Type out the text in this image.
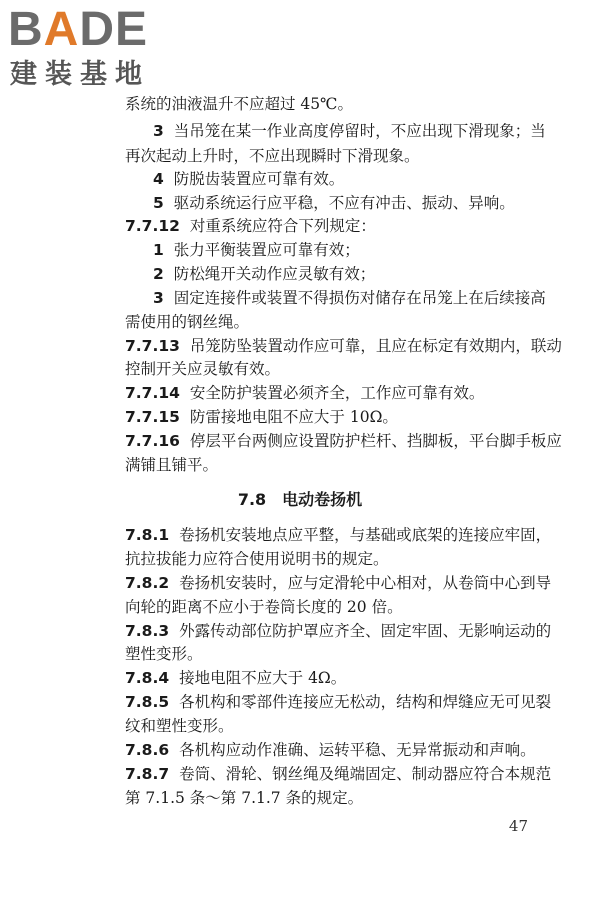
BADE
建装基地
系统的油液温升不应超过 45℃。
3 当吊笼在某一作业高度停留时，不应出现下滑现象；当
再次起动上升时，不应出现瞬时下滑现象。
4 防脱齿装置应可靠有效。
5 驱动系统运行应平稳，不应有冲击、振动、异响。
7.7.12 对重系统应符合下列规定：
1 张力平衡装置应可靠有效；
2 防松绳开关动作应灵敏有效；
3 固定连接件或装置不得损伤对储存在吊笼上在后续接高
需使用的钢丝绳。
7.7.13 吊笼防坠装置动作应可靠，且应在标定有效期内，联动
控制开关应灵敏有效。
7.7.14 安全防护装置必须齐全，工作应可靠有效。
7.7.15 防雷接地电阻不应大于 10Ω。
7.7.16 停层平台两侧应设置防护栏杆、挡脚板，平台脚手板应
满铺且铺平。
7.8　电动卷扬机
7.8.1 卷扬机安装地点应平整，与基础或底架的连接应牢固，
抗拉拔能力应符合使用说明书的规定。
7.8.2 卷扬机安装时，应与定滑轮中心相对，从卷筒中心到导
向轮的距离不应小于卷筒长度的 20 倍。
7.8.3 外露传动部位防护罩应齐全、固定牢固、无影响运动的
塑性变形。
7.8.4 接地电阻不应大于 4Ω。
7.8.5 各机构和零部件连接应无松动，结构和焊缝应无可见裂
纹和塑性变形。
7.8.6 各机构应动作准确、运转平稳、无异常振动和声响。
7.8.7 卷筒、滑轮、钢丝绳及绳端固定、制动器应符合本规范
第 7.1.5 条～第 7.1.7 条的规定。
47
